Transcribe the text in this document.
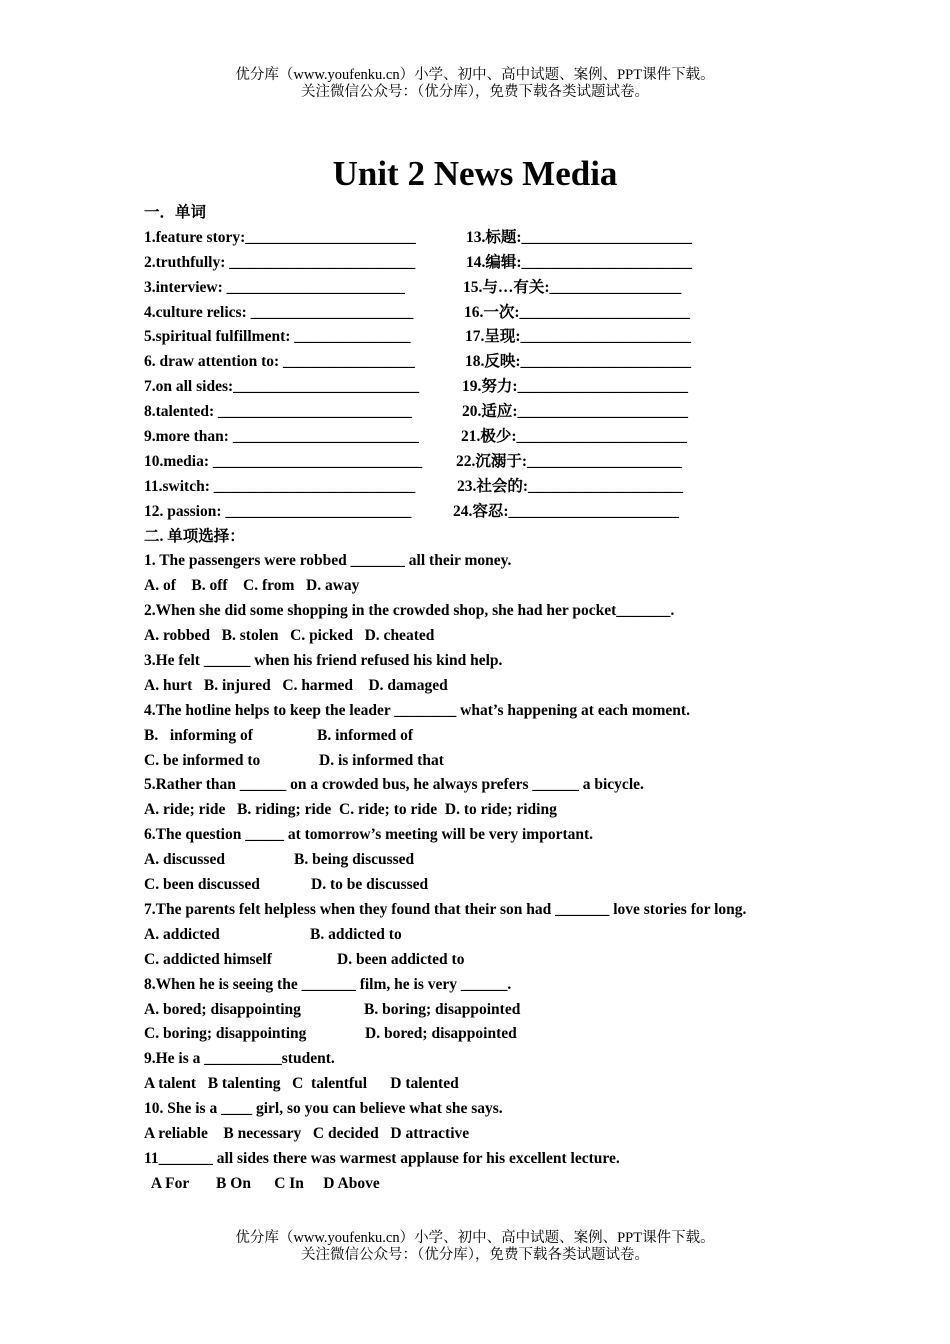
优分库（www.youfenku.cn）小学、初中、高中试题、案例、PPT课件下载。
关注微信公众号：（优分库），免费下载各类试题试卷。
Unit 2 News Media
一．单词
1.feature story:______________________	13.标题:______________________
2.truthfully: ________________________	14.编辑:______________________
3.interview: _______________________	15.与…有关:_________________
4.culture relics: _____________________	16.一次:______________________
5.spiritual fulfillment: _______________	17.呈现:______________________
6. draw attention to: _________________	18.反映:______________________
7.on all sides:________________________	19.努力:______________________
8.talented: _________________________	20.适应:______________________
9.more than: ________________________	21.极少:______________________
10.media: ___________________________ 22.沉溺于:____________________
11.switch: __________________________	23.社会的:____________________
12. passion: ________________________	24.容忍:______________________
二. 单项选择：
1. The passengers were robbed _______ all their money.
A. of    B. off    C. from   D. away
2.When she did some shopping in the crowded shop, she had her pocket_______.
A. robbed   B. stolen   C. picked   D. cheated
3.He felt ______ when his friend refused his kind help.
A. hurt   B. injured   C. harmed    D. damaged
4.The hotline helps to keep the leader ________ what’s happening at each moment.
B.   informing of	B. informed of
C. be informed to	D. is informed that
5.Rather than ______ on a crowded bus, he always prefers ______ a bicycle.
A. ride; ride   B. riding; ride  C. ride; to ride  D. to ride; riding
6.The question _____ at tomorrow’s meeting will be very important.
A. discussed	B. being discussed
C. been discussed	D. to be discussed
7.The parents felt helpless when they found that their son had _______ love stories for long.
A. addicted	B. addicted to
C. addicted himself	D. been addicted to
8.When he is seeing the _______ film, he is very ______.
A. bored; disappointing	B. boring; disappointed
C. boring; disappointing	D. bored; disappointed
9.He is a __________student.
A talent   B talenting   C  talentful      D talented
10. She is a ____ girl, so you can believe what she says.
A reliable    B necessary   C decided   D attractive
11_______ all sides there was warmest applause for his excellent lecture.
A For       B On      C In     D Above
优分库（www.youfenku.cn）小学、初中、高中试题、案例、PPT课件下载。
关注微信公众号：（优分库），免费下载各类试题试卷。
